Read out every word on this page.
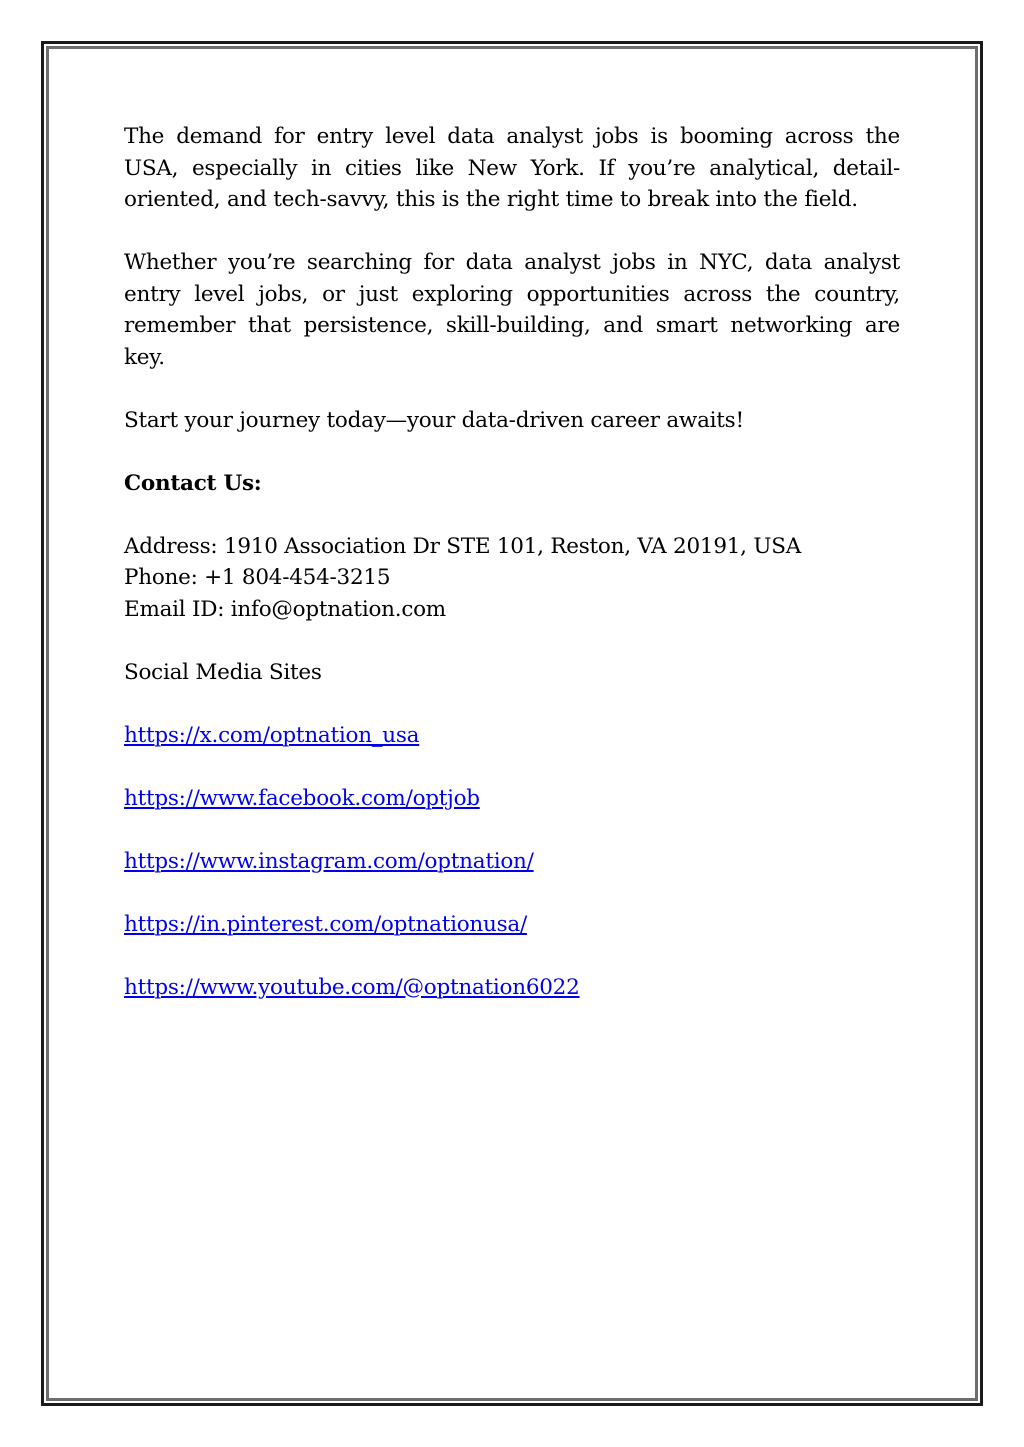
The demand for entry level data analyst jobs is booming across the USA, especially in cities like New York. If you’re analytical, detail-oriented, and tech-savvy, this is the right time to break into the field.

Whether you’re searching for data analyst jobs in NYC, data analyst entry level jobs, or just exploring opportunities across the country, remember that persistence, skill-building, and smart networking are key.

Start your journey today—your data-driven career awaits!

Contact Us:

Address: 1910 Association Dr STE 101, Reston, VA 20191, USA
Phone: +1 804-454-3215
Email ID: info@optnation.com

Social Media Sites

https://x.com/optnation_usa

https://www.facebook.com/optjob

https://www.instagram.com/optnation/

https://in.pinterest.com/optnationusa/

https://www.youtube.com/@optnation6022
